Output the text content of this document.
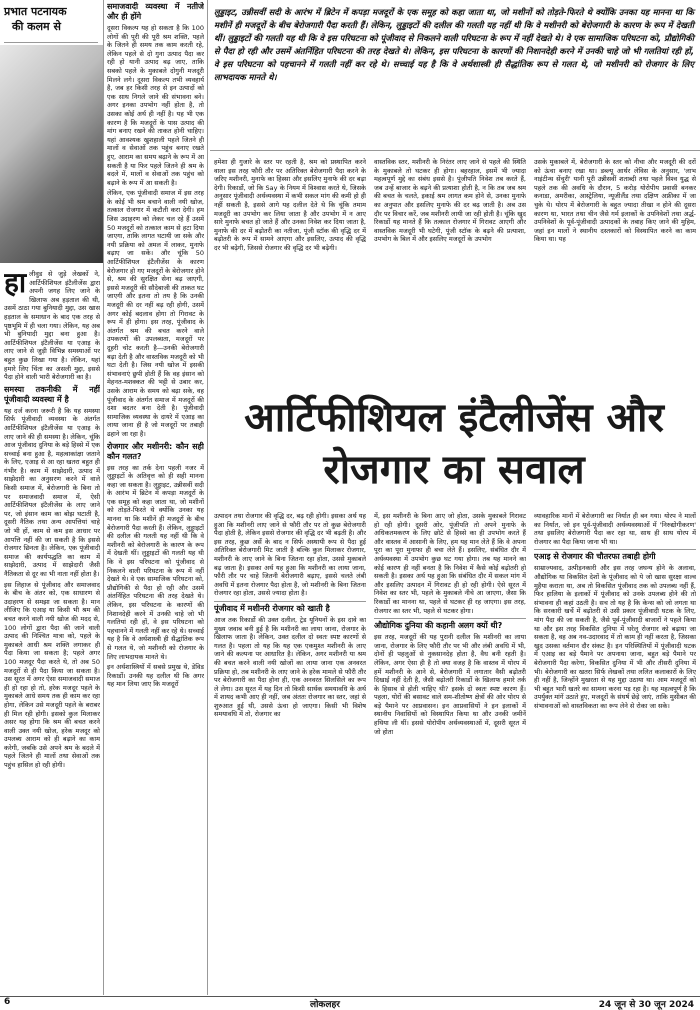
प्रभात पटनायक
की कलम से

हालीवुड से जुड़े लेखकों ने, आर्टिफीशियल इंटैलीजेंस द्वारा अपनी जगह लिए जाने के खिलाफ अब हड़ताल की थी, उसमें ठाठा गया बुनियादी मुद्दा, उस खास हड़ताल के समाधान के बाद एक तरह से पृष्ठभूमि में ही चला गया। लेकिन, यह अब भी बुनियादी मुद्दा बना हुआ है। आर्टिफीशियल इंटैलीजेंस या एआइ के लाए जाने से जुड़ी विभिन्न समस्याओं पर बहुत कुछ लिखा गया है। लेकिन, यहां हमारे लिए चिंता का असली मुद्दा, इससे पैदा होने वाली भारी बेरोजगारी का है।

समस्या तकनीकी में नहीं पूंजीवादी व्यवस्था में है

यह दर्ज करना जरूरी है कि यह समस्या सिर्फ पूंजीवादी व्यवस्था के अंतर्गत आर्टिफीशियल इंटैलीजेंस या एआइ के लाए जाने की ही समस्या है। लेकिन, चूंकि आज पूंजीवाद दुनिया के बड़े हिस्से में एक सच्चाई बना हुआ है, महत्वाकांक्षा जताने के लिए, एआइ से आ रहा खतरा बहुत ही गंभीर है। काम में साझेदारी, उत्पाद में साझेदारी का अनुसरण करने में वाले किसी समाज में, बेरोजगारी के बिना तो पर समाजवादी समाज में, ऐसी आर्टिफीशियल इंटैलीजेंस के लाए जाने पर, जो इंसान काम का बोझ घटाती है, दूसरी नैतिक तथा अन्य आपत्तियां चाहे जो भी हों, काम से कम इस आधार पर आपत्ति नहीं की जा सकती है कि इससे रोजगार छिनता है। लेकिन, एक पूंजीवादी समाज की कार्यपद्धति का काम में साझेदारी, उत्पाद में साझेदारी जैसी नैतिकता से दूर का भी नाता नहीं होता है।

इस लिहाज से पूंजीवाद और समाजवाद के बीच के अंतर को, एक साधारण से उदाहरण से समझा जा सकता है। मान लीजिए कि एआइ या किसी भी श्रम की बचत करने वाली नयी खोज की मदद से, 100 लोगों द्वारा पैदा की जाने वाली उत्पाद की निश्चित मात्रा को, पहले के मुकाबले आधी श्रम शक्ति लगाकर ही पैदा किया जा सकता है; पहले अगर 100 मजदूर पैदा करते थे, तो अब 50 मजदूरों से ही पैदा किया जा सकता है। उस सूरत में अगर ऐसा समाजवादी समाज ही हो रहा हो तो, हरेक मजदूर पहले के मुकाबले आधे समय तक ही काम कर रहा होगा, लेकिन उसे मजदूरी पहले के बराबर ही मिल रही होगी। इसको कुल मिलाकर असर यह होगा कि श्रम की बचत करने वाली उक्त नयी खोज, हरेक मजदूर को उपलब्ध आराम को ही बढ़ाने का काम करेगी, जबकि उसे अपने श्रम के बदले में पहले जितने ही मालों तथा सेवाओं तक पहुंच हासिल हो रही होगी।

समाजवादी व्यवस्था में नतीजे और ही होंगे

दूसरा विकल्प यह हो सकता है कि 100 लोगों की पूरी की पूरी श्रम शक्ति, पहले के जितने ही समय तक काम करती रहे, लेकिन पहले से दो गुना उत्पाद पैदा कर रही हो यानी उत्पाद बढ़ जाए, ताकि सबको पहले के मुकाबले दोगुनी मजदूरी मिलने लगे। दूसरा विकल्प तभी व्यवहार्य है, जब हर किसी तरह से इन उत्पादों को एक साथ निगले जाने की संभावना बने। अगर इनका उपभोग नहीं होता है, तो उसका कोई अर्थ ही नहीं है। यह भी एक कारण है कि मजदूरों के पास उत्पाद की मांग बनाए रखने की ताकत होनी चाहिए। यहां आवश्यक खुशहाली पहले जितने ही मालों व सेवाओं तक पहुंच बनाए रखते हुए, आराम का समय बढ़ाने के रूप में आ सकती है या फिर पहले जितने ही श्रम के बदले में, मालों व सेवाओं तक पहुंच को बढ़ाने के रूप में आ सकती है।

लेकिन, एक पूंजीवादी समाज में इस तरह के कोई भी श्रम बचाने वाली नयी खोज, तत्काल रोजगार में कटौती करा देगी। हम जिस उदाहरण को लेकर चल रहे हैं उसमें 50 मजदूरों को तत्काल काम से हटा दिया जाएगा, ताकि लागत घटायी जा सके और नयी प्रक्रिया को अमल में लाकर, मुनाफे बढ़ाए जा सकें। और चूंकि 50 आर्टिफीशियल इंटैलीजेंस के कारण बेरोजगार हो गए मजदूरों के बेरोजगार होने से, श्रम की सुरक्षित सेना बढ़ जाएगी, इससे मजदूरी की सौदेबाजी की ताकत घट जाएगी और इतना तो तय है कि उनकी मजदूरी की दर नहीं बढ़ रही होगी, उसमें अगर कोई बदलाव होगा तो गिरावट के रूप में ही होगा। इस तरह, पूंजीवाद के अंतर्गत श्रम की बचत करने वाले उपकरणों की उपलब्धता, मजदूरों पर दूहरी चोट करती है—उनकी बेरोजगारी बढ़ा देती है और वास्तविक मजदूरी को भी घटा देती है। जिस नयी खोज में इसकी संभावनाएं छुपी होती हैं कि वह इंसान को मेहनत-मशक्कत की भट्टी से उबार कर, उसके आराम के समय को बढ़ा सके, वह पूंजीवाद के अंतर्गत समाज में मजदूरों की दशा बदतर बना देती है। पूंजीवादी सामाजिक व्यवस्था के दायरे में एआइ का लाया जाना ही है जो मजदूरों पर तबाही ढहाने जा रहा है।

रोजगार और मशीनरी: कौन सही कौन गलत?

इस तरह का तर्क देना पहली नजर में लुड्डाइटों के अतिवृत्त को ही सही मानना कहा जा सकता है। लुड्डाइट, उन्नीसवीं सदी के आरंभ में ब्रिटेन में कपड़ा मजदूरों के एक समूह को कहा जाता था, जो मशीनों को तोड़ते-फिरते थे क्योंकि उनका यह मानना था कि मशीनें ही मजदूरों के बीच बेरोजगारी पैदा करती हैं। लेकिन, लुड्डाइटों की दलील की गलती यह नहीं थी कि वे मशीनरी को बेरोजगारी के कारण के रूप में देखती थीं। लुड्डाइटों की गलती यह थी कि वे इस परिघटना को पूंजीवाद से निकलने वाली परिघटना के रूप में नहीं देखते थे। वे एक सामाजिक परिघटना को, प्रौद्योगिकी से पैदा हो रही और उसमें अंतर्निहित परिघटना की तरह देखते थे। लेकिन, इस परिघटना के कारणों की निशानदेही करने में उनकी चाहे जो भी गलतियां रही हों, वे इस परिघटना को पहचानने में गलती नहीं कर रहे थे। सच्चाई यह है कि वे अर्थशास्त्री ही सैद्धांतिक रूप से गलत थे, जो मशीनरी को रोजगार के लिए लाभदायक मानते थे।

इन अर्थशास्त्रियों में सबसे प्रमुख थे, डेविड रिकार्डो। उनकी यह दलील थी कि अगर यह मान लिया जाए कि मजदूरों

लुड्डाइट, उन्नीसवीं सदी के आरंभ में ब्रिटेन में कपड़ा मजदूरों के एक समूह को कहा जाता था, जो मशीनों को तोड़ते-फिरते थे क्योंकि उनका यह मानना था कि मशीनें ही मजदूरों के बीच बेरोजगारी पैदा करती हैं। लेकिन, लुड्डाइटों की दलील की गलती यह नहीं थी कि वे मशीनरी को बेरोजगारी के कारण के रूप में देखती थीं। लुड्डाइटों की गलती यह थी कि वे इस परिघटना को पूंजीवाद से निकलने वाली परिघटना के रूप में नहीं देखते थे। वे एक सामाजिक परिघटना को, प्रौद्योगिकी से पैदा हो रही और उसमें अंतर्निहित परिघटना की तरह देखते थे। लेकिन, इस परिघटना के कारणों की निशानदेही करने में उनकी चाहे जो भी गलतियां रही हों, वे इस परिघटना को पहचानने में गलती नहीं कर रहे थे। सच्चाई यह है कि वे अर्थशास्त्री ही सैद्धांतिक रूप से गलत थे, जो मशीनरी को रोजगार के लिए लाभदायक मानते थे।
हमेशा ही गुजारे के स्तर पर रहती है, श्रम को प्रस्थापित करने वाला इस तरह फौरी तौर पर अतिरिक्त बेरोजगारी पैदा करने के जरिए मशीनरी, मुनाफे का हिस्सा और इसलिए मुनाफे की दर बढ़ा देगी। रिकार्डो, जो कि Say के नियम में विश्वास करते थे, जिसके अनुसार पूंजीवादी अर्थव्यवस्था में कभी सकल मांग की कमी हो ही नहीं सकती है, इससे आगे यह दलील देते थे कि चूंकि तमाम मजदूरी का उपभोग कर लिया जाता है और उपभोग में न आए सारे मुनाफे बचत हो जाते हैं और उनका निवेश कर दिया जाता है, मुनाफे की दर में बढ़ोतरी का नतीजा, पूंजी स्टॉक की वृद्धि दर में बढ़ोतरी के रूप में सामने आएगा और इसलिए, उत्पाद की वृद्धि दर भी बढ़ेगी, जिससे रोजगार की वृद्धि दर भी बढ़ेगी।
वास्तविक स्तर, मशीनरी के निरंतर लाए जाने से पहले की स्थिति के मुकाबले तो घटकर ही होगा। बहरहाल, इसमें भी ज्यादा महत्वपूर्ण मुद्दे का संबंध इससे है। पूंजीपति निवेश तब करते हैं, जब उन्हें बाजार के बढ़ने की प्रत्याशा होती है, न कि तब जब श्रम की बचत के चलते, इकाई श्रम लागत कम होने से, उनका मुनाफे का अनुपात और इसलिए मुनाफे की दर बढ़ जाती है। अब उस दौर पर विचार करें, जब मशीनरी लायी जा रही होती है। चूंकि खुद रिकार्डो यह मानते हैं कि तत्काल रोजगार में गिरावट आएगी और वास्तविक मजदूरी भी घटेगी, पूंजी स्टॉक के बढ़ने की प्रत्याशा, उपभोग के बिल में और इसलिए मजदूरों के उपभोग
उसके मुकाबले में, बेरोजगारी के स्तर को नीचा और मजदूरी की दरों को ऊंचा बनाए रखा था। डब्ल्यू आर्थर लेविस के अनुसार, 'लाभ नाइंटीन्थ सेंचुरी' यानी पूरी उन्नीसवीं शताब्दी तथा पहले विश्व युद्ध से पहले तक की अवधि के दौरान, 5 करोड़ योरोपीय प्रवासी बनकर कनाडा, अमरीका, आस्ट्रेलिया, न्यूजीलैंड तथा दक्षिण अफ्रीका में जा चुके थे। योरप में बेरोजगारी के बहुत ज्यादा तीखा न होने की दूसरा कारण था, भारत तथा चीन जैसे गर्म इलाकों के उपनिवेशों तथा अर्द्ध-उपनिवेशों के पूर्व-पूंजीवादी उत्पादकों के तबाह किए जाने की मुहिम, जहां इन मालों ने स्थानीय दस्तकारों को विस्थापित करने का काम किया था। यह
आर्टिफीशियल इंटैलीजेंस और
रोजगार का सवाल

उत्पादन तथा रोजगार की वृद्धि दर, बढ़ रही होगी। इसका अर्थ यह हुआ कि मशीनरी लाए जाने से फौरी तौर पर तो कुछ बेरोजगारी पैदा होती है, लेकिन इससे रोजगार की वृद्धि दर भी बढ़ती है। और इस तरह, कुछ अर्से के बाद न सिर्फ अस्थायी रूप से पैदा हुई अतिरिक्त बेरोजगारी मिट जाती है बल्कि कुल मिलाकर रोजगार, मशीनरी के लाए जाने के बिना जितना रहा होता, उससे मुकाबले बढ़ जाता है। इसका अर्थ यह हुआ कि मशीनरी का लाया जाना, फौरी तौर पर चाहे जितनी बेरोजगारी बढ़ाए, इससे चलते लंबी अवधि में इतना रोजगार पैदा होता है, जो मशीनरी के बिना जितना रोजगार रहा होता, उससे ज्यादा होता है।

पूंजीवाद में मशीनरी रोजगार को खाती है

आज तक रिकार्डो की उक्त दलील, ट्रेड यूनियनों के इस दावे का मुख्य जवाब बनी हुई है कि मशीनरी का लाया जाना, रोजगार के खिलाफ जाता है। लेकिन, उक्त दलील दो स्वतः स्पष्ट कारणों से गलत है। पहला तो यह कि यह एक एकमुश्त मशीनरी के लाए जाने की कल्पना पर आधारित है। लेकिन, अगर मशीनरी या श्रम की बचत करने वाली नयी खोजों का लाया जाना एक अनवरत प्रक्रिया हो, तब मशीनरी के लाए जाने के हरेक मामले से फौरी तौर पर बेरोजगारी का पैदा होना ही, एक अनवरत सिलसिले का रूप ले लेगा। उस सूरत में यह दिन तो किसी सार्थक समयावधि के अर्थ में शायद कभी आए ही नहीं, जब अंततः रोजगार का स्तर, जहां से शुरुआत हुई थी, उससे ऊंचा हो जाएगा। किसी भी विशेष समयावधि में तो, रोजगार का

में, इस मशीनरी के बिना आए जो होता, उसके मुकाबले गिरावट हो रही होगी। दूसरी ओर, पूंजीपति तो अपने मुनाफे के अधिकतमकरण के लिए छोटे से हिस्से का ही उपभोग करते हैं और वास्तव में आसानी के लिए, हम यह मान लेते हैं कि वे अपना पूरा का पूरा मुनाफा ही बचा लेते हैं। इसलिए, संबंधित दौर में अर्थव्यवस्था में उपभोग कुछ घट गया होगा। तब यह मानने का कोई कारण ही नहीं बनता है कि निवेश में कैसे कोई बढ़ोतरी हो सकती है। इसका अर्थ यह हुआ कि संबंधित दौर में सकल मांग में और इसलिए उत्पादन में गिरावट ही हो रही होगी। ऐसे सूरत में निवेश का स्तर भी, पहले के मुकाबले नीचे आ जाएगा, जैसा कि रिकार्डो का मानना था, पहले से घटकर ही रह जाएगा। इस तरह, रोजगार का स्तर भी, पहले से घटकर होगा।

औद्योगिक दुनिया की कहानी अलग क्यों थी?

इस तरह, मजदूरों की यह पुरानी दलील कि मशीनरी का लाया जाना, रोजगार के लिए फौरी तौर पर भी और लंबी अवधि में भी, दोनों ही पहलुओं से नुकसानदेह होता है, वैध बनी रहती है। लेकिन, अगर ऐसा ही है तो क्या वजह है कि वास्तव में योरप में हमें मशीनरी के आने से, बेरोजगारी में लगातार वैसी बढ़ोतरी दिखाई नहीं देती है, जैसी बढ़ोतरी रिकार्डो के खिलाफ हमारे तर्क के हिसाब से होती चाहिए थी? इसके दो स्वतः स्पष्ट कारण हैं। पहला, योरों की बसावट वाले सम-शीतोष्ण क्षेत्रों की ओर योरप से बड़े पैमाने पर आप्रवासन। इन आप्रवासियों ने इन इलाकों में स्थानीय निवासियों को विस्थापित किया था और उनकी जमीनें हथिया ली थीं। इससे योरोपीय अर्थव्यवस्थाओं में, दूसरी सूरत में जो होता

व्यावहारिक मानों में बेरोजगारी का निर्यात ही बन गया। योरप ने मालों का निर्यात, जो इन पूर्व-पूंजीवादी अर्थव्यवस्थाओं में 'निरुद्योगीकरण' तथा इसलिए बेरोजगारी पैदा कर रहा था, साथ ही साथ योरप में रोजगार का पैदा किया जाना भी था।

एआइ से रोजगार की चौतरफा तबाही होगी

साम्राज्यवाद, उत्पीड़नकारी और इस तरह जघन्य होने के अलावा, औद्योगिक या विकसित देशों के पूंजीवाद को ये जो खास सुरक्षा वाल्व मुहैया कराता था, अब तो विकसित पूंजीवाद तक को उपलब्ध नहीं हैं, फिर हालिया के इलाकों में पूंजीवाद को उनके उपलब्ध होने की तो संभावना ही कहां उठती है। सच तो यह है कि केन्स को जो लगता था कि सरकारी खर्चे में बढ़ोतरी से उसी प्रकार पूंजीवादी घटक के लिए, मांग पैदा की जा सकती है, जैसे पूर्व-पूंजीवादी बाजारों ने पहले किया था और इस तरह विकसित दुनिया में घरेलू रोजगार को बढ़ाया जा सकता है, वह अब नव-उदारवाद में तो काम ही नहीं करता है, जिसका खुद उसका वर्तमान दौर संकट है। इन परिस्थितियों में पूंजीवादी घटक में एआइ का बड़े पैमाने पर अपनाया जाना, बहुत बड़े पैमाने पर बेरोजगारी पैदा करेगा, विकसित दुनिया में भी और तीसरी दुनिया में भी। बेरोजगारी का खतरा सिर्फ लेखकों तथा ललित कलाकारों के लिए ही नहीं है, जिन्होंने मुखरता से यह मुद्दा उठाया था। आम मजदूरों को भी बहुत भारी खतरे का सामना करना पड़ रहा है। यह महत्वपूर्ण है कि उपर्युक्त मांगें उठाते हुए, मजदूरों के संघर्ष छेड़े जाएं, ताकि मुसीबत की संभावनाओं को वास्तविकता का रूप लेने से रोका जा सके।

6	लोकलहर	24 जून से 30 जून 2024
